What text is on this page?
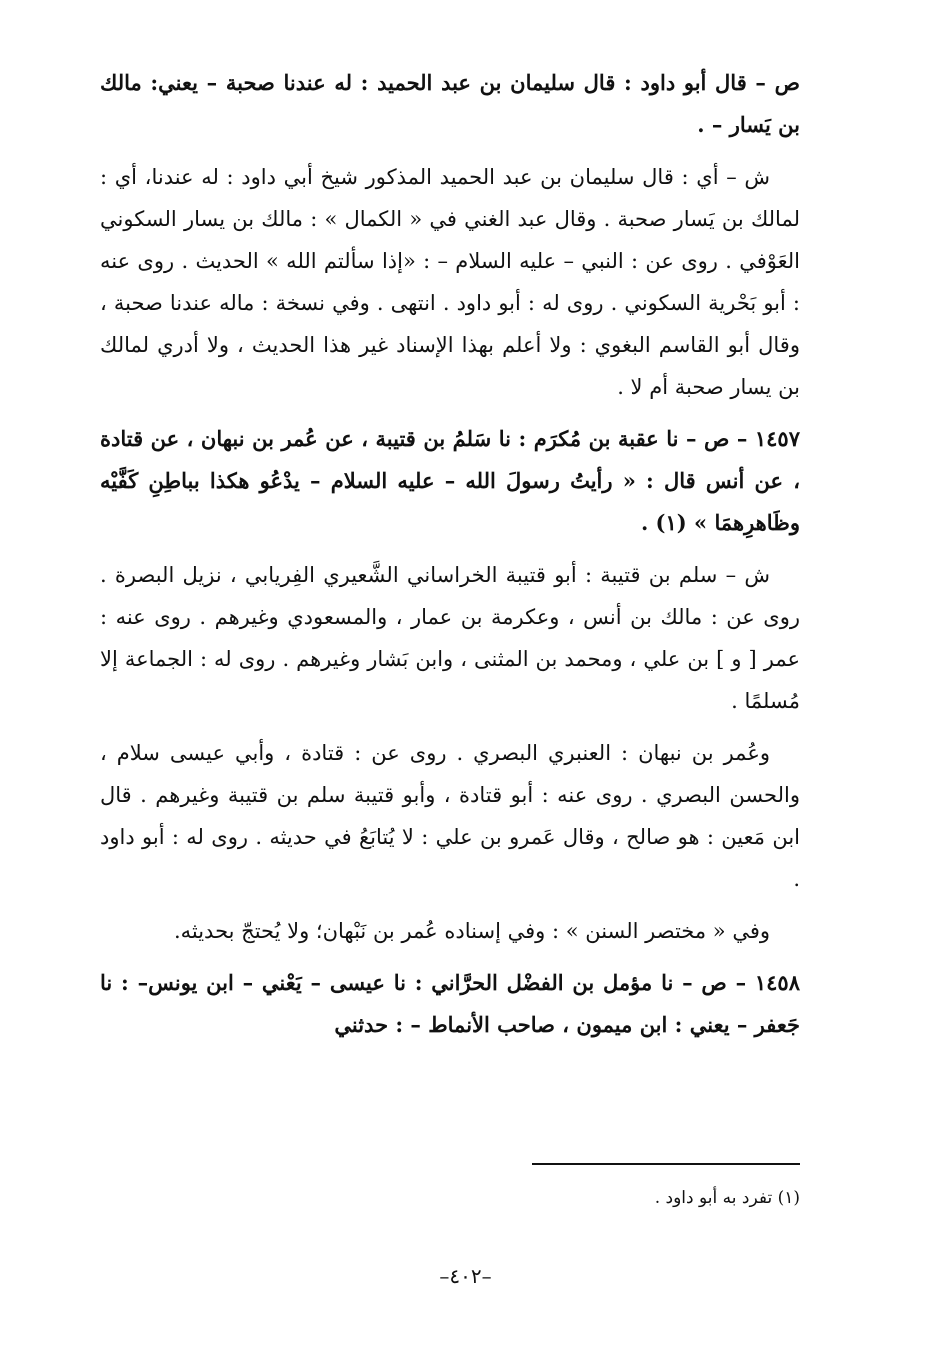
ص – قال أبو داود : قال سليمان بن عبد الحميد : له عندنا صحبة – يعني: مالك بن يَسار – .

ش – أي : قال سليمان بن عبد الحميد المذكور شيخ أبي داود : له عندنا، أي : لمالك بن يَسار صحبة . وقال عبد الغني في « الكمال » : مالك بن يسار السكوني العَوْفي . روى عن : النبي – عليه السلام – : «إذا سألتم الله » الحديث . روى عنه : أبو بَحْرية السكوني . روى له : أبو داود . انتهى . وفي نسخة : ماله عندنا صحبة ، وقال أبو القاسم البغوي : ولا أعلم بهذا الإسناد غير هذا الحديث ، ولا أدري لمالك بن يسار صحبة أم لا .

١٤٥٧ – ص – نا عقبة بن مُكرَم : نا سَلمُ بن قتيبة ، عن عُمر بن نبهان ، عن قتادة ، عن أنس قال : « رأيتُ رسولَ الله – عليه السلام – يدْعُو هكذا بباطِنِ كَفَّيْه وظَاهرِهمَا » (١) .

ش – سلم بن قتيبة : أبو قتيبة الخراساني الشَّعيري الفِريابي ، نزيل البصرة . روى عن : مالك بن أنس ، وعكرمة بن عمار ، والمسعودي وغيرهم . روى عنه : عمر [ و ] بن علي ، ومحمد بن المثنى ، وابن بَشار وغيرهم . روى له : الجماعة إلا مُسلمًا .

وعُمر بن نبهان : العنبري البصري . روى عن : قتادة ، وأبي عيسى سلام ، والحسن البصري . روى عنه : أبو قتادة ، وأبو قتيبة سلم بن قتيبة وغيرهم . قال ابن مَعين : هو صالح ، وقال عَمرو بن علي : لا يُتابَعُ في حديثه . روى له : أبو داود .

وفي « مختصر السنن » : وفي إسناده عُمر بن نَبْهان؛ ولا يُحتجّ بحديثه.

١٤٥٨ – ص – نا مؤمل بن الفضْل الحرَّاني : نا عيسى – يَعْني – ابن يونس– : نا جَعفر – يعني : ابن ميمون ، صاحب الأنماط – : حدثني

(١) تفرد به أبو داود .
–٤٠٢–
